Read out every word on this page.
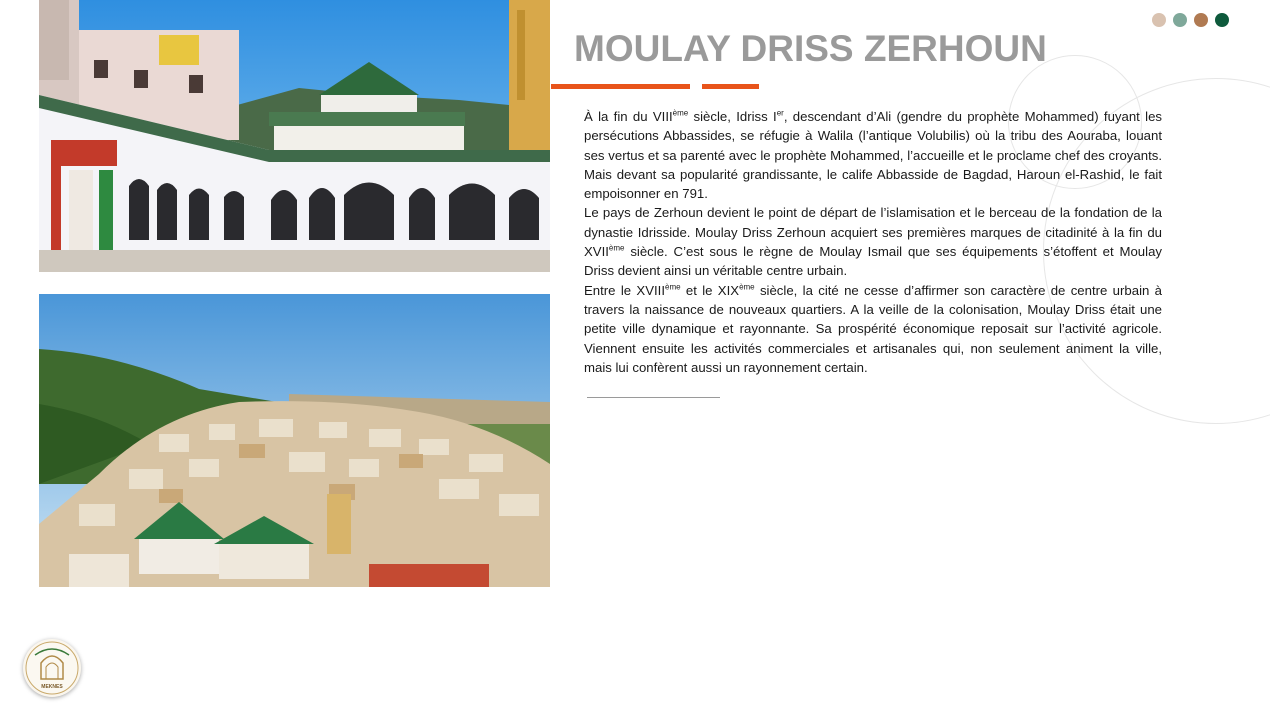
MOULAY DRISS ZERHOUN

À la fin du VIIIème siècle, Idriss Ier, descendant d’Ali (gendre du prophète Mohammed) fuyant les persécutions Abbassides, se réfugie à Walila (l’antique Volubilis) où la tribu des Aouraba, louant ses vertus et sa parenté avec le prophète Mohammed, l’accueille et le proclame chef des croyants. Mais devant sa popularité grandissante, le calife Abbasside de Bagdad, Haroun el-Rashid, le fait empoisonner en 791.

Le pays de Zerhoun devient le point de départ de l’islamisation et le berceau de la fondation de la dynastie Idrisside. Moulay Driss Zerhoun acquiert ses premières marques de citadinité à la fin du XVIIème siècle. C’est sous le règne de Moulay Ismail que ses équipements s’étoffent et Moulay Driss devient ainsi un véritable centre urbain.

Entre le XVIIIème et le XIXème siècle, la cité ne cesse d’affirmer son caractère de centre urbain à travers la naissance de nouveaux quartiers. A la veille de la colonisation, Moulay Driss était une petite ville dynamique et rayonnante. Sa prospérité économique reposait sur l’activité agricole. Viennent ensuite les activités commerciales et artisanales qui, non seulement animent la ville, mais lui confèrent aussi un rayonnement certain.

MEKNES
